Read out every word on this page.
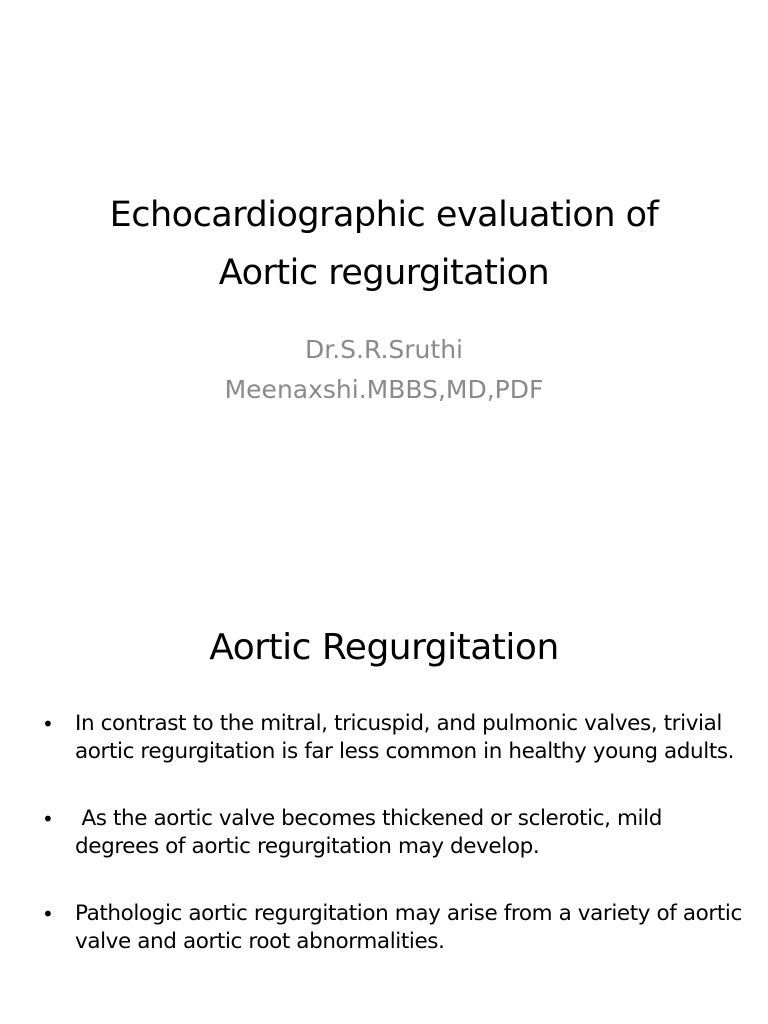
Echocardiographic evaluation of
Aortic regurgitation
Dr.S.R.Sruthi
Meenaxshi.MBBS,MD,PDF
Aortic Regurgitation
• In contrast to the mitral, tricuspid, and pulmonic valves, trivial aortic regurgitation is far less common in healthy young adults.
• As the aortic valve becomes thickened or sclerotic, mild degrees of aortic regurgitation may develop.
• Pathologic aortic regurgitation may arise from a variety of aortic valve and aortic root abnormalities.
